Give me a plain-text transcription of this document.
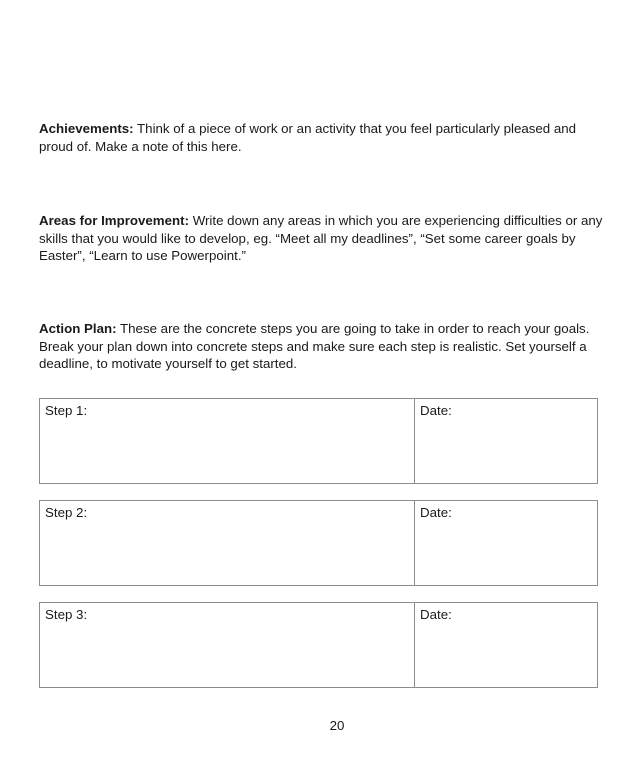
Achievements: Think of a piece of work or an activity that you feel particularly pleased and proud of. Make a note of this here.
Areas for Improvement: Write down any areas in which you are experiencing difficulties or any skills that you would like to develop, eg. “Meet all my deadlines”, “Set some career goals by Easter”, “Learn to use Powerpoint.”
Action Plan: These are the concrete steps you are going to take in order to reach your goals. Break your plan down into concrete steps and make sure each step is realistic. Set yourself a deadline, to motivate yourself to get started.
Step 1:	Date:
Step 2:	Date:
Step 3:	Date:
20
